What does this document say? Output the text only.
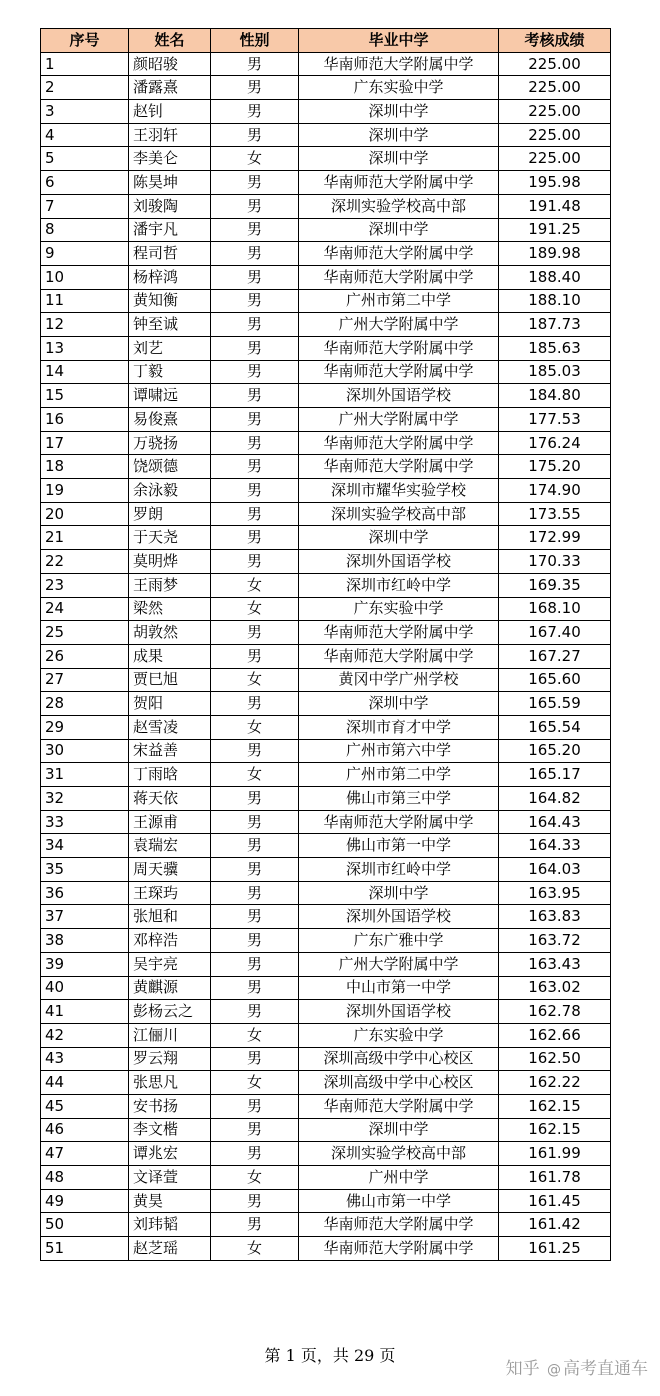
序号	姓名	性别	毕业中学	考核成绩
1	颜昭骏	男	华南师范大学附属中学	225.00
2	潘露熹	男	广东实验中学	225.00
3	赵钊	男	深圳中学	225.00
4	王羽轩	男	深圳中学	225.00
5	李美仑	女	深圳中学	225.00
6	陈昊坤	男	华南师范大学附属中学	195.98
7	刘骏陶	男	深圳实验学校高中部	191.48
8	潘宇凡	男	深圳中学	191.25
9	程司哲	男	华南师范大学附属中学	189.98
10	杨梓鸿	男	华南师范大学附属中学	188.40
11	黄知衡	男	广州市第二中学	188.10
12	钟至诚	男	广州大学附属中学	187.73
13	刘艺	男	华南师范大学附属中学	185.63
14	丁毅	男	华南师范大学附属中学	185.03
15	谭啸远	男	深圳外国语学校	184.80
16	易俊熹	男	广州大学附属中学	177.53
17	万骁扬	男	华南师范大学附属中学	176.24
18	饶颂德	男	华南师范大学附属中学	175.20
19	余泳毅	男	深圳市耀华实验学校	174.90
20	罗朗	男	深圳实验学校高中部	173.55
21	于天尧	男	深圳中学	172.99
22	莫明烨	男	深圳外国语学校	170.33
23	王雨梦	女	深圳市红岭中学	169.35
24	梁然	女	广东实验中学	168.10
25	胡敦然	男	华南师范大学附属中学	167.40
26	成果	男	华南师范大学附属中学	167.27
27	贾巳旭	女	黄冈中学广州学校	165.60
28	贺阳	男	深圳中学	165.59
29	赵雪凌	女	深圳市育才中学	165.54
30	宋益善	男	广州市第六中学	165.20
31	丁雨晗	女	广州市第二中学	165.17
32	蒋天依	男	佛山市第三中学	164.82
33	王源甫	男	华南师范大学附属中学	164.43
34	袁瑞宏	男	佛山市第一中学	164.33
35	周天骥	男	深圳市红岭中学	164.03
36	王琛玙	男	深圳中学	163.95
37	张旭和	男	深圳外国语学校	163.83
38	邓梓浩	男	广东广雅中学	163.72
39	吴宇亮	男	广州大学附属中学	163.43
40	黄麒源	男	中山市第一中学	163.02
41	彭杨云之	男	深圳外国语学校	162.78
42	江俪川	女	广东实验中学	162.66
43	罗云翔	男	深圳高级中学中心校区	162.50
44	张思凡	女	深圳高级中学中心校区	162.22
45	安书扬	男	华南师范大学附属中学	162.15
46	李文楷	男	深圳中学	162.15
47	谭兆宏	男	深圳实验学校高中部	161.99
48	文译萱	女	广州中学	161.78
49	黄昊	男	佛山市第一中学	161.45
50	刘玮韬	男	华南师范大学附属中学	161.42
51	赵芝瑶	女	华南师范大学附属中学	161.25
第 1 页，共 29 页
知乎 @ 高考直通车
